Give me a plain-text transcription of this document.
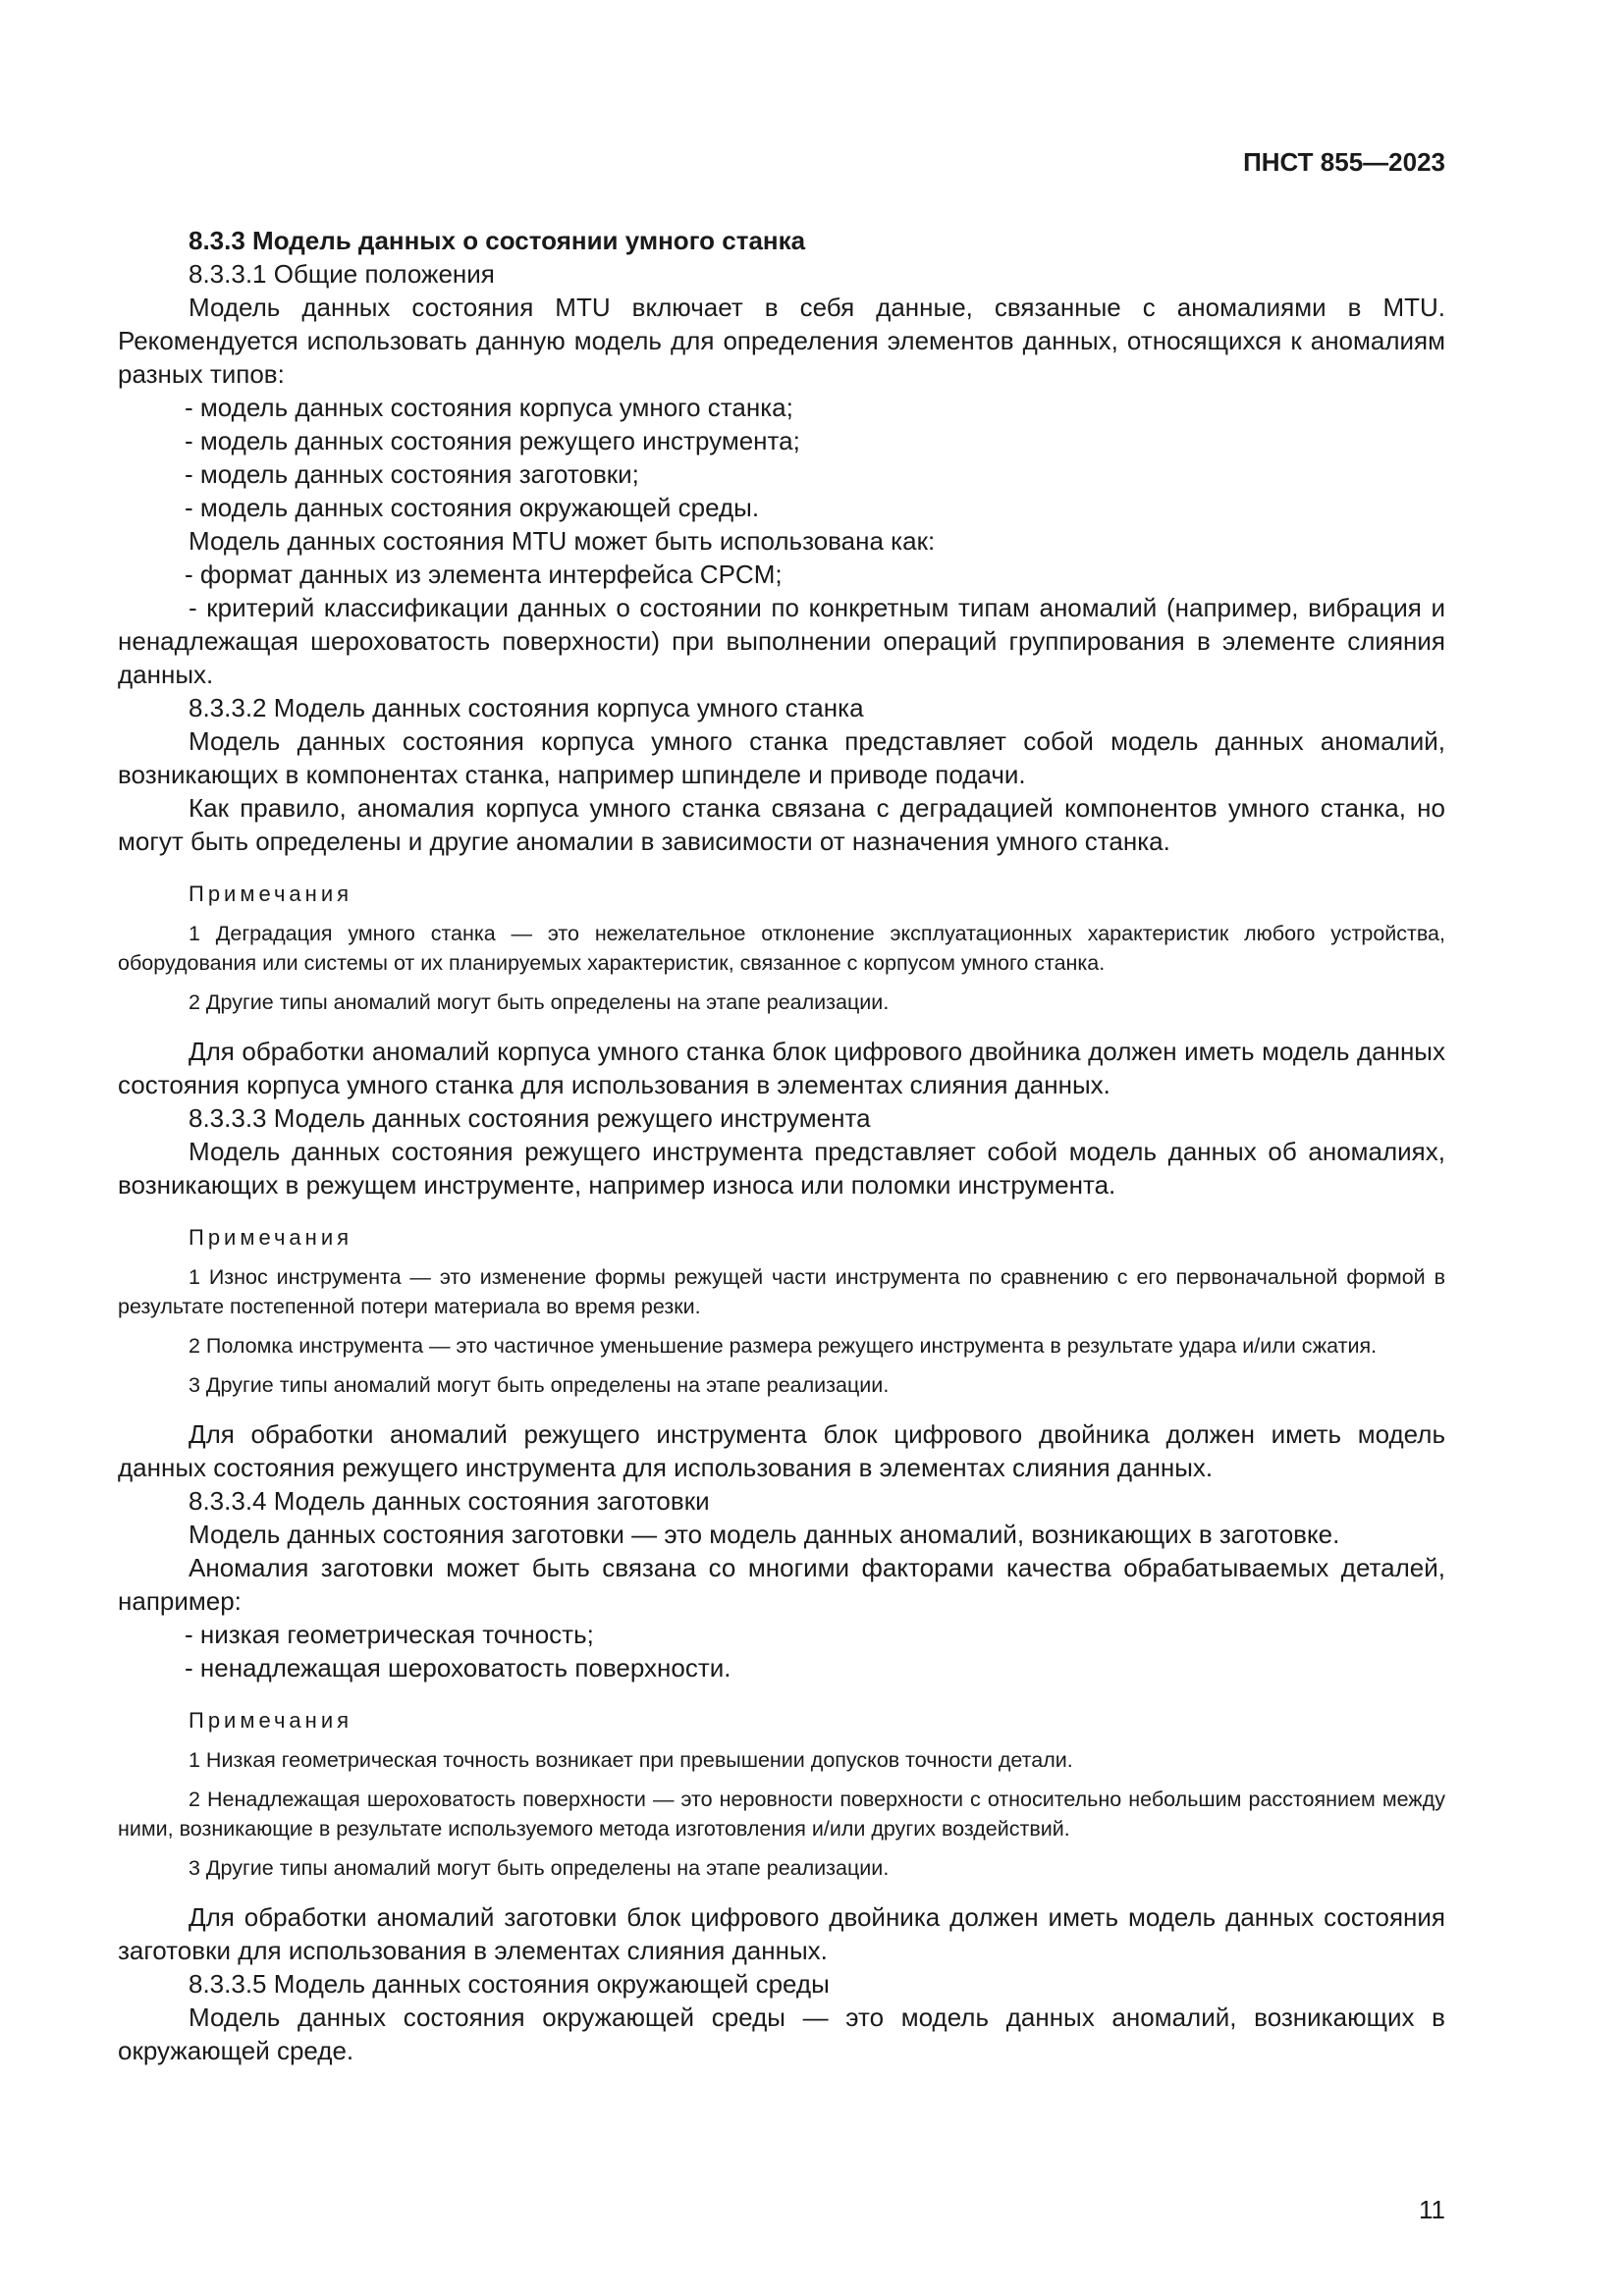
ПНСТ 855—2023

8.3.3 Модель данных о состоянии умного станка

8.3.3.1 Общие положения

Модель данных состояния MTU включает в себя данные, связанные с аномалиями в MTU. Рекомендуется использовать данную модель для определения элементов данных, относящихся к аномалиям разных типов:

- модель данных состояния корпуса умного станка;

- модель данных состояния режущего инструмента;

- модель данных состояния заготовки;

- модель данных состояния окружающей среды.

Модель данных состояния MTU может быть использована как:

- формат данных из элемента интерфейса CPCM;

- критерий классификации данных о состоянии по конкретным типам аномалий (например, вибрация и ненадлежащая шероховатость поверхности) при выполнении операций группирования в элементе слияния данных.

8.3.3.2 Модель данных состояния корпуса умного станка

Модель данных состояния корпуса умного станка представляет собой модель данных аномалий, возникающих в компонентах станка, например шпинделе и приводе подачи.

Как правило, аномалия корпуса умного станка связана с деградацией компонентов умного станка, но могут быть определены и другие аномалии в зависимости от назначения умного станка.

Примечания

1 Деградация умного станка — это нежелательное отклонение эксплуатационных характеристик любого устройства, оборудования или системы от их планируемых характеристик, связанное с корпусом умного станка.

2 Другие типы аномалий могут быть определены на этапе реализации.

Для обработки аномалий корпуса умного станка блок цифрового двойника должен иметь модель данных состояния корпуса умного станка для использования в элементах слияния данных.

8.3.3.3 Модель данных состояния режущего инструмента

Модель данных состояния режущего инструмента представляет собой модель данных об аномалиях, возникающих в режущем инструменте, например износа или поломки инструмента.

Примечания

1 Износ инструмента — это изменение формы режущей части инструмента по сравнению с его первоначальной формой в результате постепенной потери материала во время резки.

2 Поломка инструмента — это частичное уменьшение размера режущего инструмента в результате удара и/или сжатия.

3 Другие типы аномалий могут быть определены на этапе реализации.

Для обработки аномалий режущего инструмента блок цифрового двойника должен иметь модель данных состояния режущего инструмента для использования в элементах слияния данных.

8.3.3.4 Модель данных состояния заготовки

Модель данных состояния заготовки — это модель данных аномалий, возникающих в заготовке.

Аномалия заготовки может быть связана со многими факторами качества обрабатываемых деталей, например:

- низкая геометрическая точность;

- ненадлежащая шероховатость поверхности.

Примечания

1 Низкая геометрическая точность возникает при превышении допусков точности детали.

2 Ненадлежащая шероховатость поверхности — это неровности поверхности с относительно небольшим расстоянием между ними, возникающие в результате используемого метода изготовления и/или других воздействий.

3 Другие типы аномалий могут быть определены на этапе реализации.

Для обработки аномалий заготовки блок цифрового двойника должен иметь модель данных состояния заготовки для использования в элементах слияния данных.

8.3.3.5 Модель данных состояния окружающей среды

Модель данных состояния окружающей среды — это модель данных аномалий, возникающих в окружающей среде.

11
